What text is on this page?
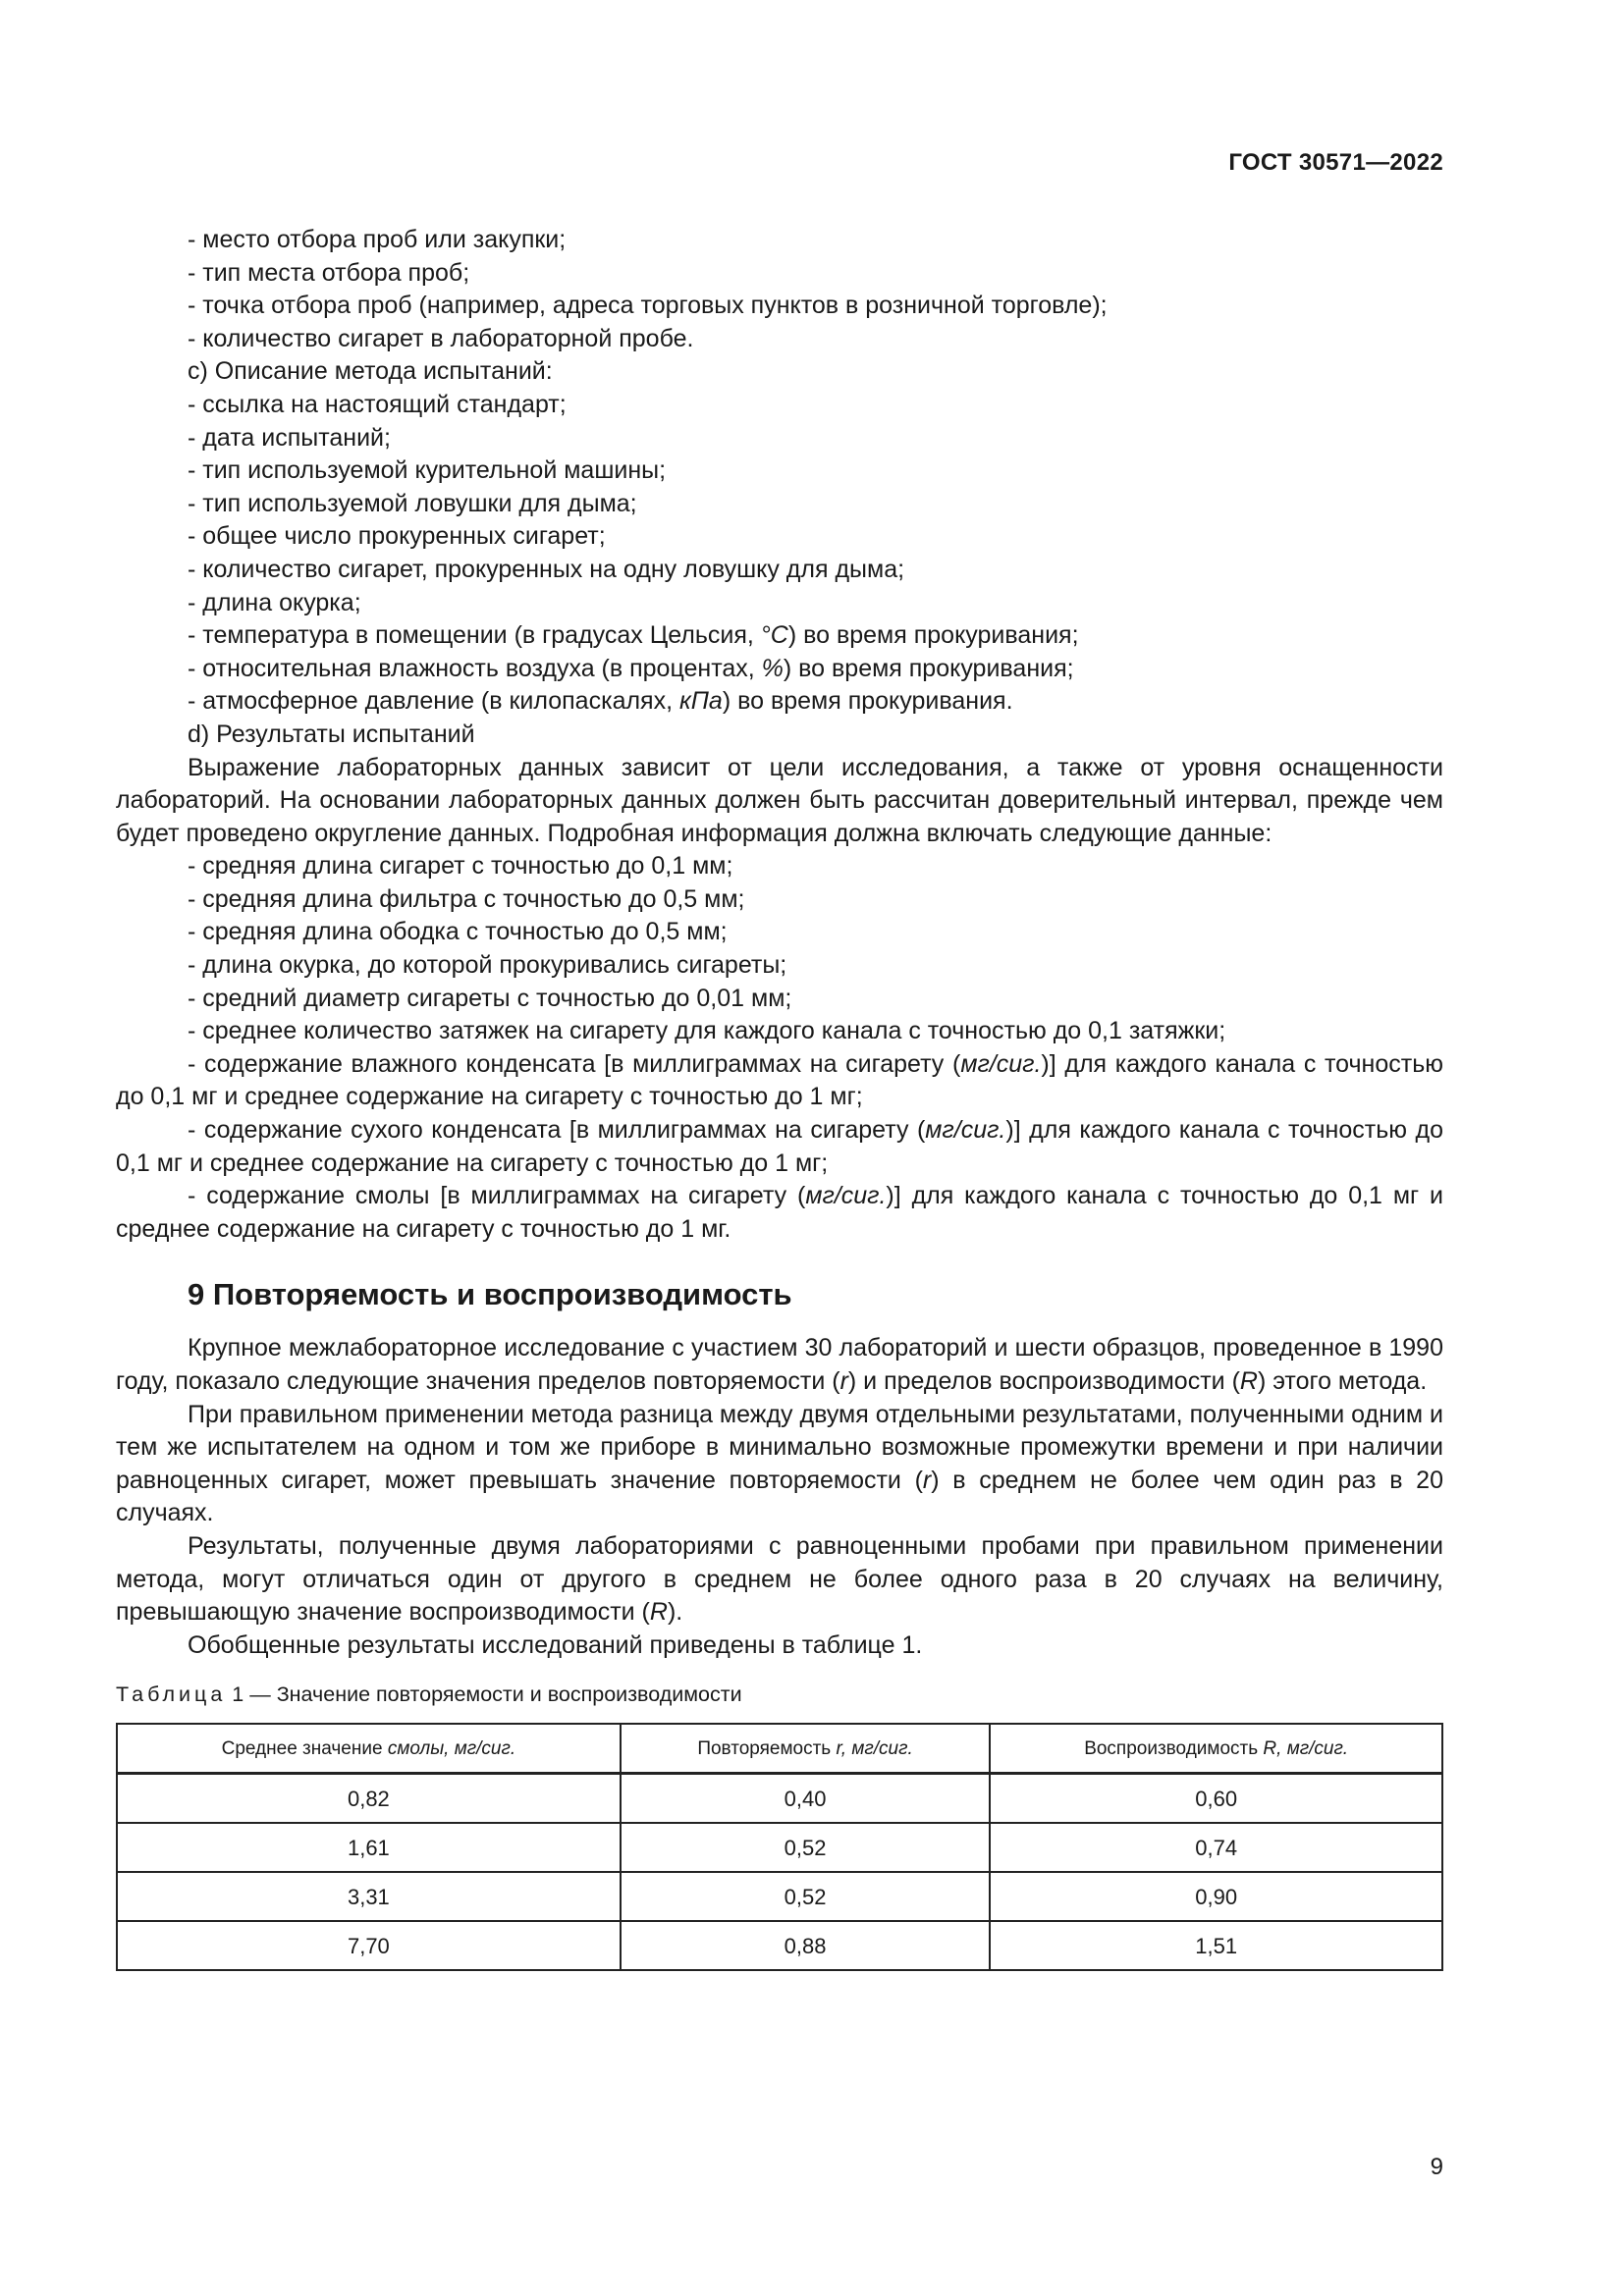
ГОСТ 30571—2022
- место отбора проб или закупки;
- тип места отбора проб;
- точка отбора проб (например, адреса торговых пунктов в розничной торговле);
- количество сигарет в лабораторной пробе.
с) Описание метода испытаний:
- ссылка на настоящий стандарт;
- дата испытаний;
- тип используемой курительной машины;
- тип используемой ловушки для дыма;
- общее число прокуренных сигарет;
- количество сигарет, прокуренных на одну ловушку для дыма;
- длина окурка;
- температура в помещении (в градусах Цельсия, °С) во время прокуривания;
- относительная влажность воздуха (в процентах, %) во время прокуривания;
- атмосферное давление (в килопаскалях, кПа) во время прокуривания.
d) Результаты испытаний

Выражение лабораторных данных зависит от цели исследования, а также от уровня оснащенности лабораторий. На основании лабораторных данных должен быть рассчитан доверительный интервал, прежде чем будет проведено округление данных. Подробная информация должна включать следующие данные:

- средняя длина сигарет с точностью до 0,1 мм;
- средняя длина фильтра с точностью до 0,5 мм;
- средняя длина ободка с точностью до 0,5 мм;
- длина окурка, до которой прокуривались сигареты;
- средний диаметр сигареты с точностью до 0,01 мм;
- среднее количество затяжек на сигарету для каждого канала с точностью до 0,1 затяжки;

- содержание влажного конденсата [в миллиграммах на сигарету (мг/сиг.)] для каждого канала с точностью до 0,1 мг и среднее содержание на сигарету с точностью до 1 мг;

- содержание сухого конденсата [в миллиграммах на сигарету (мг/сиг.)] для каждого канала с точностью до 0,1 мг и среднее содержание на сигарету с точностью до 1 мг;

- содержание смолы [в миллиграммах на сигарету (мг/сиг.)] для каждого канала с точностью до 0,1 мг и среднее содержание на сигарету с точностью до 1 мг.

9 Повторяемость и воспроизводимость

Крупное межлабораторное исследование с участием 30 лабораторий и шести образцов, проведенное в 1990 году, показало следующие значения пределов повторяемости (r) и пределов воспроизводимости (R) этого метода.

При правильном применении метода разница между двумя отдельными результатами, полученными одним и тем же испытателем на одном и том же приборе в минимально возможные промежутки времени и при наличии равноценных сигарет, может превышать значение повторяемости (r) в среднем не более чем один раз в 20 случаях.

Результаты, полученные двумя лабораториями с равноценными пробами при правильном применении метода, могут отличаться один от другого в среднем не более одного раза в 20 случаях на величину, превышающую значение воспроизводимости (R).

Обобщенные результаты исследований приведены в таблице 1.

Таблица 1 — Значение повторяемости и воспроизводимости
Среднее значение смолы, мг/сиг.	Повторяемость r, мг/сиг.	Воспроизводимость R, мг/сиг.
0,82	0,40	0,60
1,61	0,52	0,74
3,31	0,52	0,90
7,70	0,88	1,51
9
